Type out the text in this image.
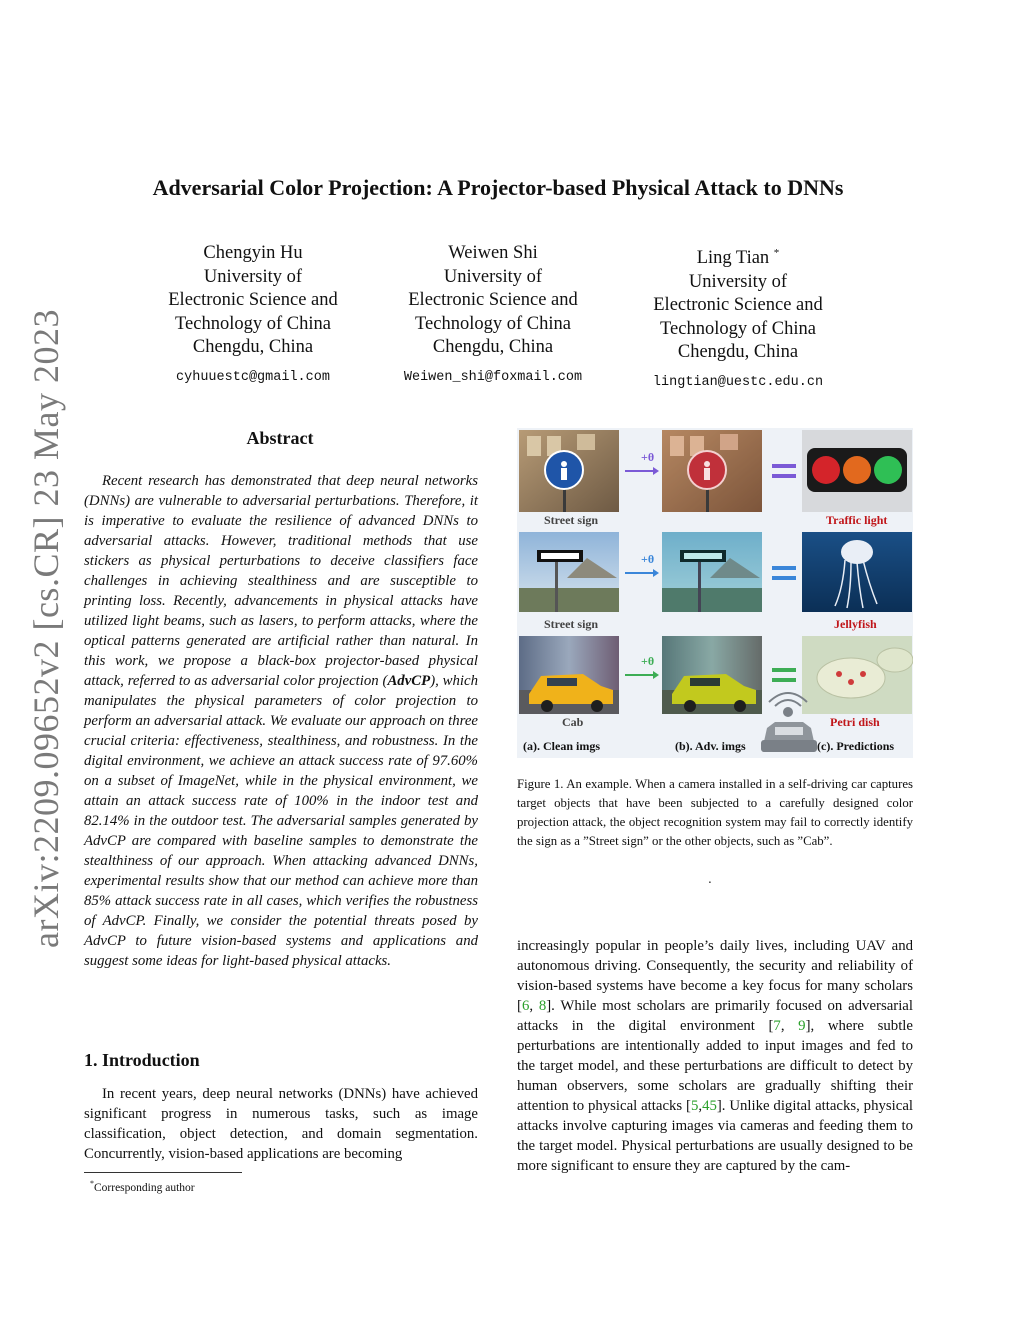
arXiv:2209.09652v2 [cs.CR] 23 May 2023
Adversarial Color Projection: A Projector-based Physical Attack to DNNs
Chengyin Hu
University of
Electronic Science and
Technology of China
Chengdu, China
cyhuuestc@gmail.com
Weiwen Shi
University of
Electronic Science and
Technology of China
Chengdu, China
Weiwen_shi@foxmail.com
Ling Tian *
University of
Electronic Science and
Technology of China
Chengdu, China
lingtian@uestc.edu.cn
Abstract
Recent research has demonstrated that deep neural networks (DNNs) are vulnerable to adversarial perturbations. Therefore, it is imperative to evaluate the resilience of advanced DNNs to adversarial attacks. However, traditional methods that use stickers as physical perturbations to deceive classifiers face challenges in achieving stealthiness and are susceptible to printing loss. Recently, advancements in physical attacks have utilized light beams, such as lasers, to perform attacks, where the optical patterns generated are artificial rather than natural. In this work, we propose a black-box projector-based physical attack, referred to as adversarial color projection (AdvCP), which manipulates the physical parameters of color projection to perform an adversarial attack. We evaluate our approach on three crucial criteria: effectiveness, stealthiness, and robustness. In the digital environment, we achieve an attack success rate of 97.60% on a subset of ImageNet, while in the physical environment, we attain an attack success rate of 100% in the indoor test and 82.14% in the outdoor test. The adversarial samples generated by AdvCP are compared with baseline samples to demonstrate the stealthiness of our approach. When attacking advanced DNNs, experimental results show that our method can achieve more than 85% attack success rate in all cases, which verifies the robustness of AdvCP. Finally, we consider the potential threats posed by AdvCP to future vision-based systems and applications and suggest some ideas for light-based physical attacks.
1. Introduction
In recent years, deep neural networks (DNNs) have achieved significant progress in numerous tasks, such as image classification, object detection, and domain segmentation. Concurrently, vision-based applications are becoming
*Corresponding author
+θ
+θ
+θ
Street sign
Street sign
Cab
Traffic light
Jellyfish
Petri dish
(a). Clean imgs	(b). Adv. imgs	(c). Predictions
Figure 1. An example. When a camera installed in a self-driving car captures target objects that have been subjected to a carefully designed color projection attack, the object recognition system may fail to correctly identify the sign as a ”Street sign” or the other objects, such as ”Cab”.
.
increasingly popular in people’s daily lives, including UAV and autonomous driving. Consequently, the security and reliability of vision-based systems have become a key focus for many scholars [6, 8]. While most scholars are primarily focused on adversarial attacks in the digital environment [7, 9], where subtle perturbations are intentionally added to input images and fed to the target model, and these perturbations are difficult to detect by human observers, some scholars are gradually shifting their attention to physical attacks [5,45]. Unlike digital attacks, physical attacks involve capturing images via cameras and feeding them to the target model. Physical perturbations are usually designed to be more significant to ensure they are captured by the cam-
